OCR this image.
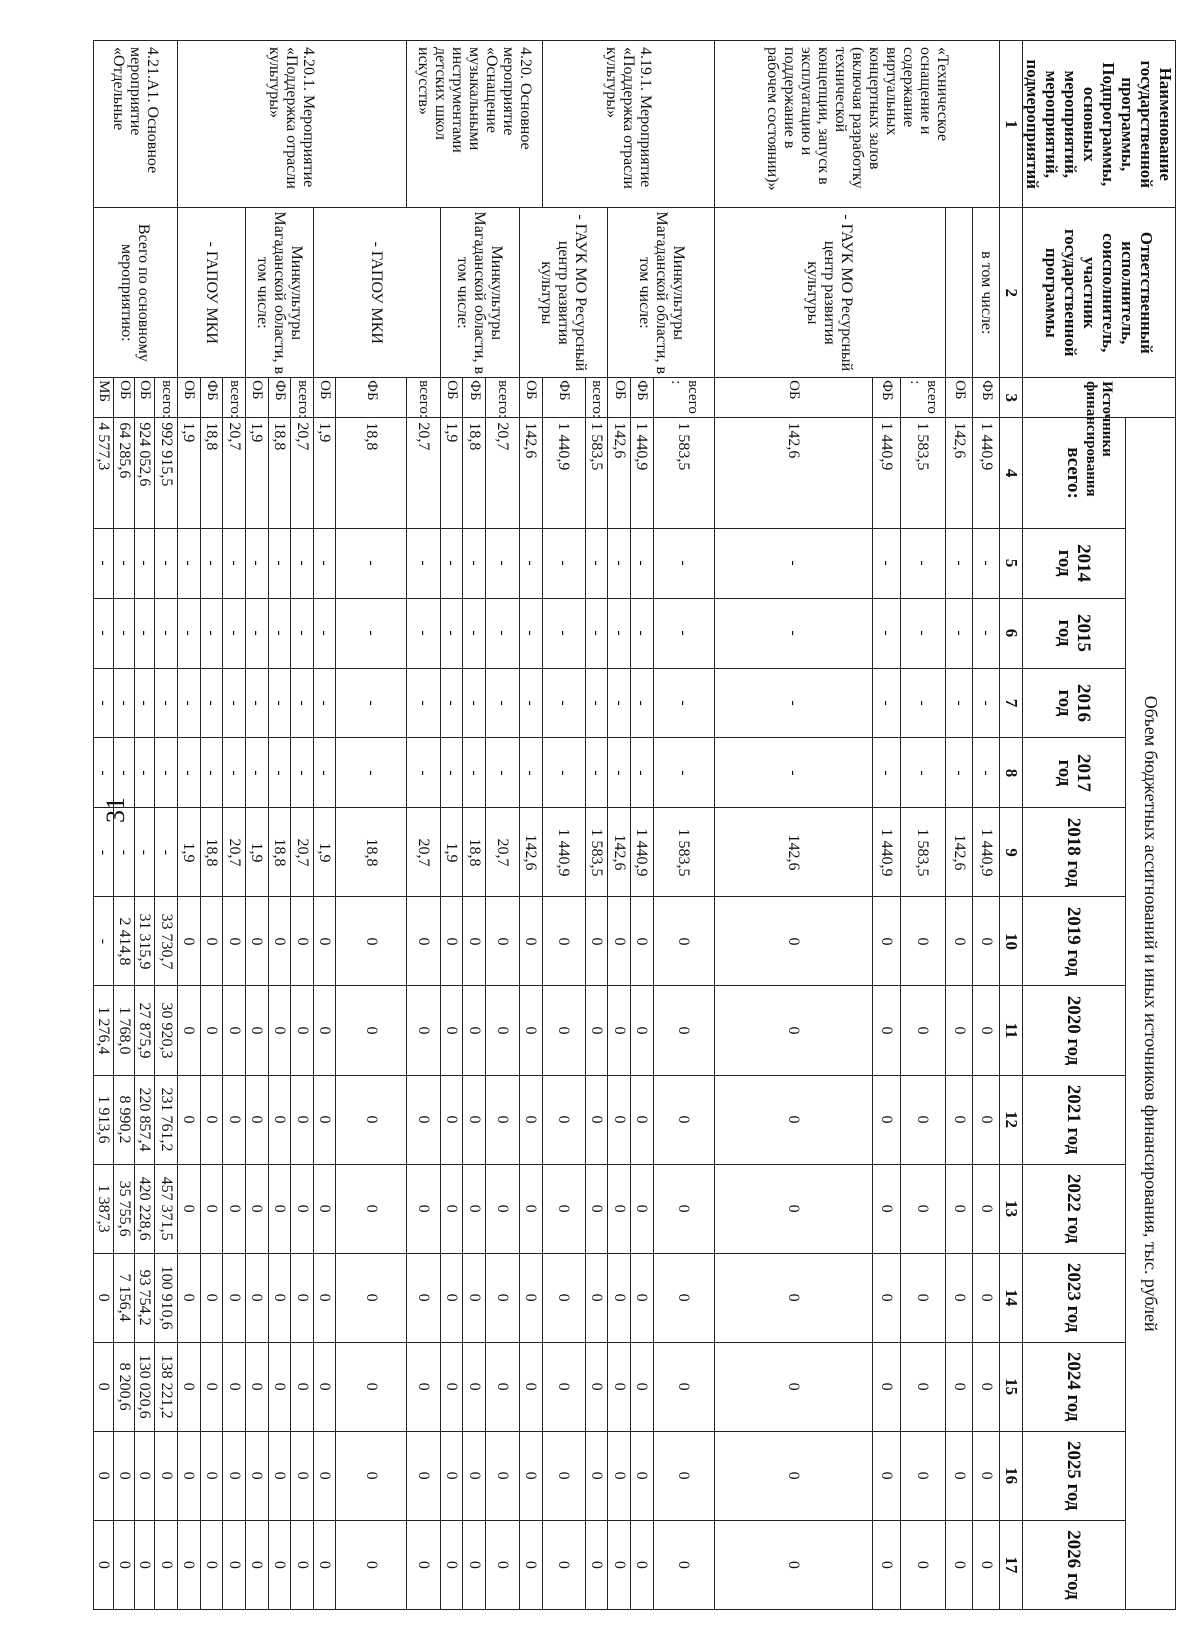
31
Наименование государственной программы, Подпрограммы, основных мероприятий, мероприятий, подмероприятий	Ответственный исполнитель, соисполнитель, участник государственной программы	Источники финансирования	Объем бюджетных ассигнований и иных источников финансирования, тыс. рублей													
			всего:	2014 год	2015 год	2016 год	2017 год	2018 год	2019 год	2020 год	2021 год	2022 год	2023 год	2024 год	2025 год	2026 год
1	2	3	4	5	6	7	8	9	10	11	12	13	14	15	16	17
«Техническое оснащение и содержание виртуальных концертных залов (включая разработку технической концепции, запуск в эксплуатацию и поддержание в рабочем состоянии)»	в том числе:	ФБ	1 440,9	-	-	-	-	1 440,9	0	0	0	0	0	0	0	0
		ОБ	142,6	-	-	-	-	142,6	0	0	0	0	0	0	0	0
	- ГАУК МО Ресурсный центр развития культуры	всего :	1 583,5	-	-	-	-	1 583,5	0	0	0	0	0	0	0	0
		ФБ	1 440,9	-	-	-	-	1 440,9	0	0	0	0	0	0	0	0
		ОБ	142,6	-	-	-	-	142,6	0	0	0	0	0	0	0	0
4.19.1. Мероприятие «Поддержка отрасли культуры»	Минкультуры Магаданской области, в том числе:	всего :	1 583,5	-	-	-	-	1 583,5	0	0	0	0	0	0	0	0
		ФБ	1 440,9	-	-	-	-	1 440,9	0	0	0	0	0	0	0	0
		ОБ	142,6	-	-	-	-	142,6	0	0	0	0	0	0	0	0
	- ГАУК МО Ресурсный центр развития культуры	всего:	1 583,5	-	-	-	-	1 583,5	0	0	0	0	0	0	0	0
		ФБ	1 440,9	-	-	-	-	1 440,9	0	0	0	0	0	0	0	0
4.20. Основное мероприятие «Оснащение музыкальными инструментами детских школ искусств»		ОБ	142,6	-	-	-	-	142,6	0	0	0	0	0	0	0	0
	Минкультуры Магаданской области, в том числе:	всего:	20,7	-	-	-	-	20,7	0	0	0	0	0	0	0	0
		ФБ	18,8	-	-	-	-	18,8	0	0	0	0	0	0	0	0
		ОБ	1,9	-	-	-	-	1,9	0	0	0	0	0	0	0	0
	- ГАПОУ МКИ	всего:	20,7	-	-	-	-	20,7	0	0	0	0	0	0	0	0
4.20.1. Мероприятие «Поддержка отрасли культуры»		ФБ	18,8	-	-	-	-	18,8	0	0	0	0	0	0	0	0
		ОБ	1,9	-	-	-	-	1,9	0	0	0	0	0	0	0	0
	Минкультуры Магаданской области, в том числе:	всего:	20,7	-	-	-	-	20,7	0	0	0	0	0	0	0	0
		ФБ	18,8	-	-	-	-	18,8	0	0	0	0	0	0	0	0
		ОБ	1,9	-	-	-	-	1,9	0	0	0	0	0	0	0	0
	- ГАПОУ МКИ	всего:	20,7	-	-	-	-	20,7	0	0	0	0	0	0	0	0
		ФБ	18,8	-	-	-	-	18,8	0	0	0	0	0	0	0	0
		ОБ	1,9	-	-	-	-	1,9	0	0	0	0	0	0	0	0
4.21.А1. Основное мероприятие «Отдельные	Всего по основному мероприятию:	всего:	992 915,5	-	-	-	-	-	33 730,7	30 920,3	231 761,2	457 371,5	100 910,6	138 221,2	0	0
		ОБ	924 052,6	-	-	-	-	-	31 315,9	27 875,9	220 857,4	420 228,6	93 754,2	130 020,6	0	0
		ОБ	64 285,6	-	-	-	-	-	2 414,8	1 768,0	8 990,2	35 755,6	7 156,4	8 200,6	0	0
		МБ	4 577,3	-	-	-	-	-	-	1 276,4	1 913,6	1 387,3	0	0	0	0
